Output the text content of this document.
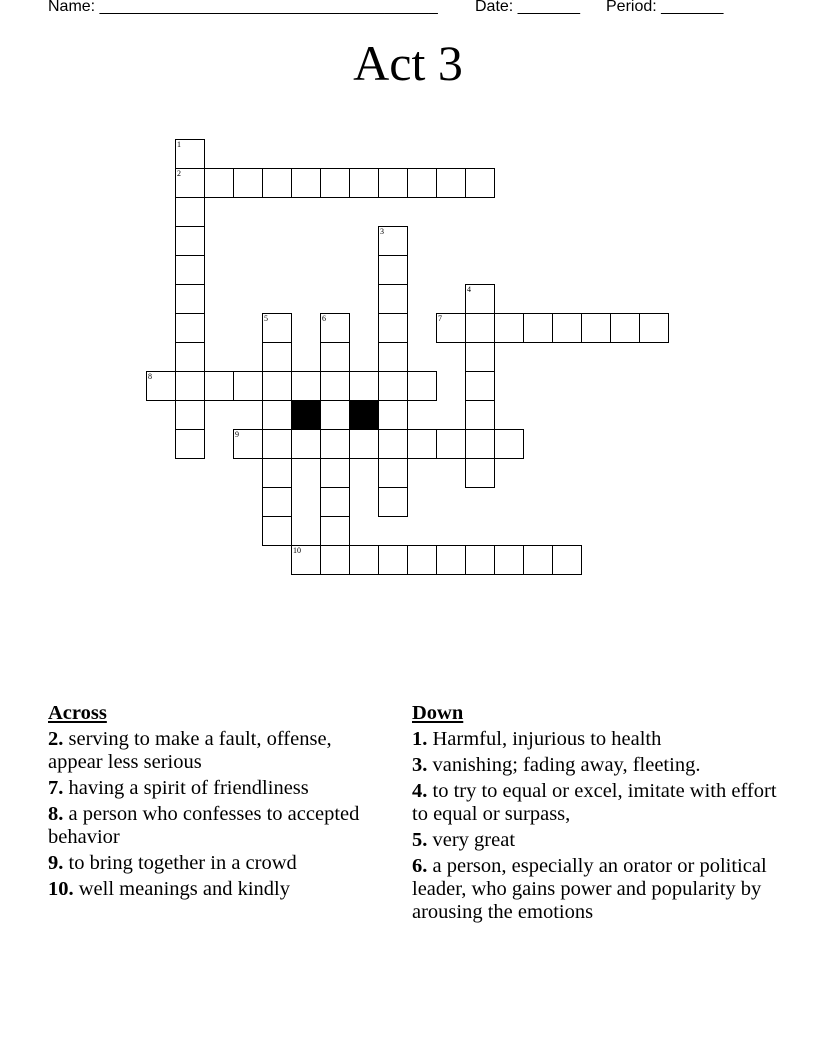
Name: ______________________________________ Date: _______ Period: _______
Act 3
1
2
3
4
5	6	7
8
9
10
Across
2. serving to make a fault, offense, appear less serious
7. having a spirit of friendliness
8. a person who confesses to accepted behavior
9. to bring together in a crowd
10. well meanings and kindly
Down
1. Harmful, injurious to health
3. vanishing; fading away, fleeting.
4. to try to equal or excel, imitate with effort to equal or surpass,
5. very great
6. a person, especially an orator or political leader, who gains power and popularity by arousing the emotions
